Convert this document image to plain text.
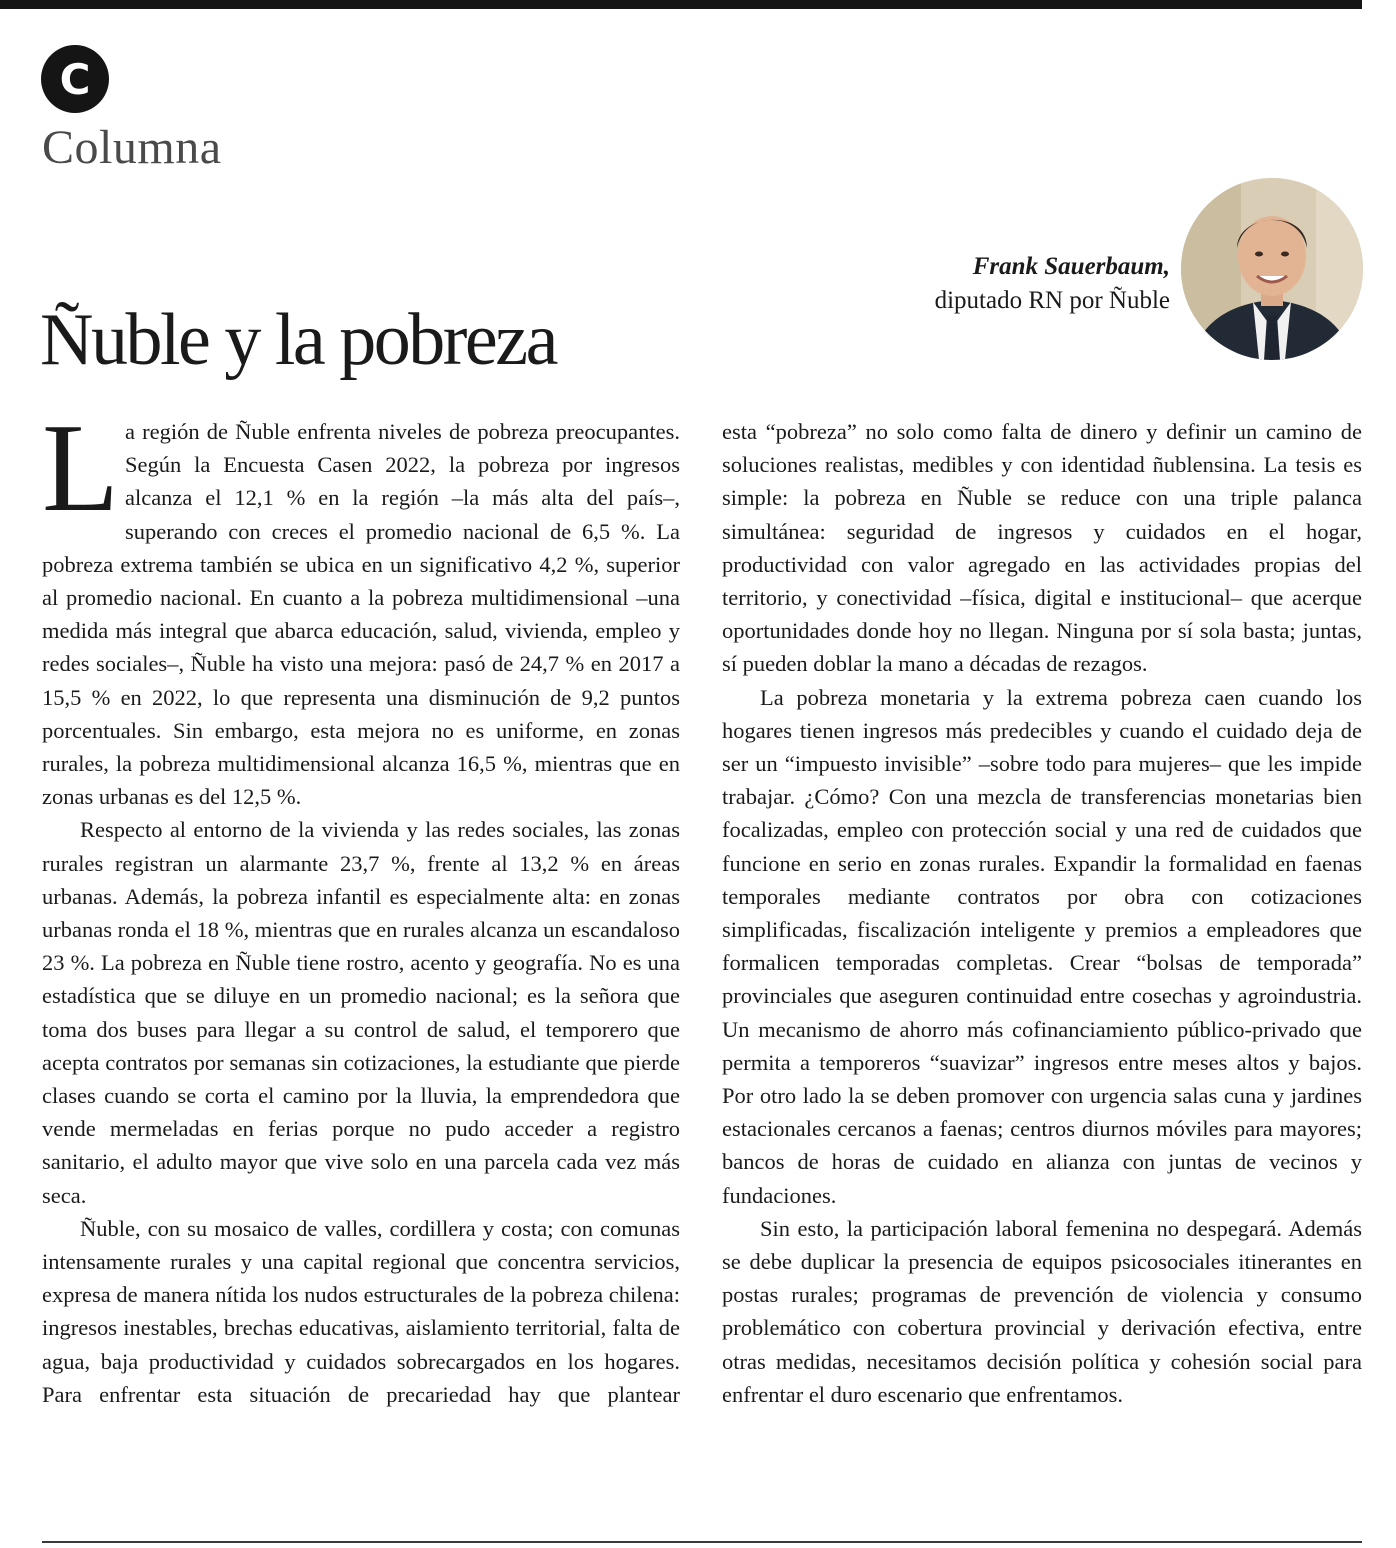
C
Columna
Ñuble y la pobreza
Frank Sauerbaum,
diputado RN por Ñuble

La región de Ñuble enfrenta niveles de pobreza preocupantes. Según la Encuesta Casen 2022, la pobreza por ingresos alcanza el 12,1 % en la región –la más alta del país–, superando con creces el promedio nacional de 6,5 %. La pobreza extrema también se ubica en un significativo 4,2 %, superior al promedio nacional. En cuanto a la pobreza multidimensional –una medida más integral que abarca educación, salud, vivienda, empleo y redes sociales–, Ñuble ha visto una mejora: pasó de 24,7 % en 2017 a 15,5 % en 2022, lo que representa una disminución de 9,2 puntos porcentuales. Sin embargo, esta mejora no es uniforme, en zonas rurales, la pobreza multidimensional alcanza 16,5 %, mientras que en zonas urbanas es del 12,5 %.

Respecto al entorno de la vivienda y las redes sociales, las zonas rurales registran un alarmante 23,7 %, frente al 13,2 % en áreas urbanas. Además, la pobreza infantil es especialmente alta: en zonas urbanas ronda el 18 %, mientras que en rurales alcanza un escandaloso 23 %. La pobreza en Ñuble tiene rostro, acento y geografía. No es una estadística que se diluye en un promedio nacional; es la señora que toma dos buses para llegar a su control de salud, el temporero que acepta contratos por semanas sin cotizaciones, la estudiante que pierde clases cuando se corta el camino por la lluvia, la emprendedora que vende mermeladas en ferias porque no pudo acceder a registro sanitario, el adulto mayor que vive solo en una parcela cada vez más seca.

Ñuble, con su mosaico de valles, cordillera y costa; con comunas intensamente rurales y una capital regional que concentra servicios, expresa de manera nítida los nudos estructurales de la pobreza chilena: ingresos inestables, brechas educativas, aislamiento territorial, falta de agua, baja productividad y cuidados sobrecargados en los hogares. Para enfrentar esta situación de precariedad hay que plantear

esta “pobreza” no solo como falta de dinero y definir un camino de soluciones realistas, medibles y con identidad ñublensina. La tesis es simple: la pobreza en Ñuble se reduce con una triple palanca simultánea: seguridad de ingresos y cuidados en el hogar, productividad con valor agregado en las actividades propias del territorio, y conectividad –física, digital e institucional– que acerque oportunidades donde hoy no llegan. Ninguna por sí sola basta; juntas, sí pueden doblar la mano a décadas de rezagos.

La pobreza monetaria y la extrema pobreza caen cuando los hogares tienen ingresos más predecibles y cuando el cuidado deja de ser un “impuesto invisible” –sobre todo para mujeres– que les impide trabajar. ¿Cómo? Con una mezcla de transferencias monetarias bien focalizadas, empleo con protección social y una red de cuidados que funcione en serio en zonas rurales. Expandir la formalidad en faenas temporales mediante contratos por obra con cotizaciones simplificadas, fiscalización inteligente y premios a empleadores que formalicen temporadas completas. Crear “bolsas de temporada” provinciales que aseguren continuidad entre cosechas y agroindustria. Un mecanismo de ahorro más cofinanciamiento público-privado que permita a temporeros “suavizar” ingresos entre meses altos y bajos. Por otro lado la se deben promover con urgencia salas cuna y jardines estacionales cercanos a faenas; centros diurnos móviles para mayores; bancos de horas de cuidado en alianza con juntas de vecinos y fundaciones.

Sin esto, la participación laboral femenina no despegará. Además se debe duplicar la presencia de equipos psicosociales itinerantes en postas rurales; programas de prevención de violencia y consumo problemático con cobertura provincial y derivación efectiva, entre otras medidas, necesitamos decisión política y cohesión social para enfrentar el duro escenario que enfrentamos.
